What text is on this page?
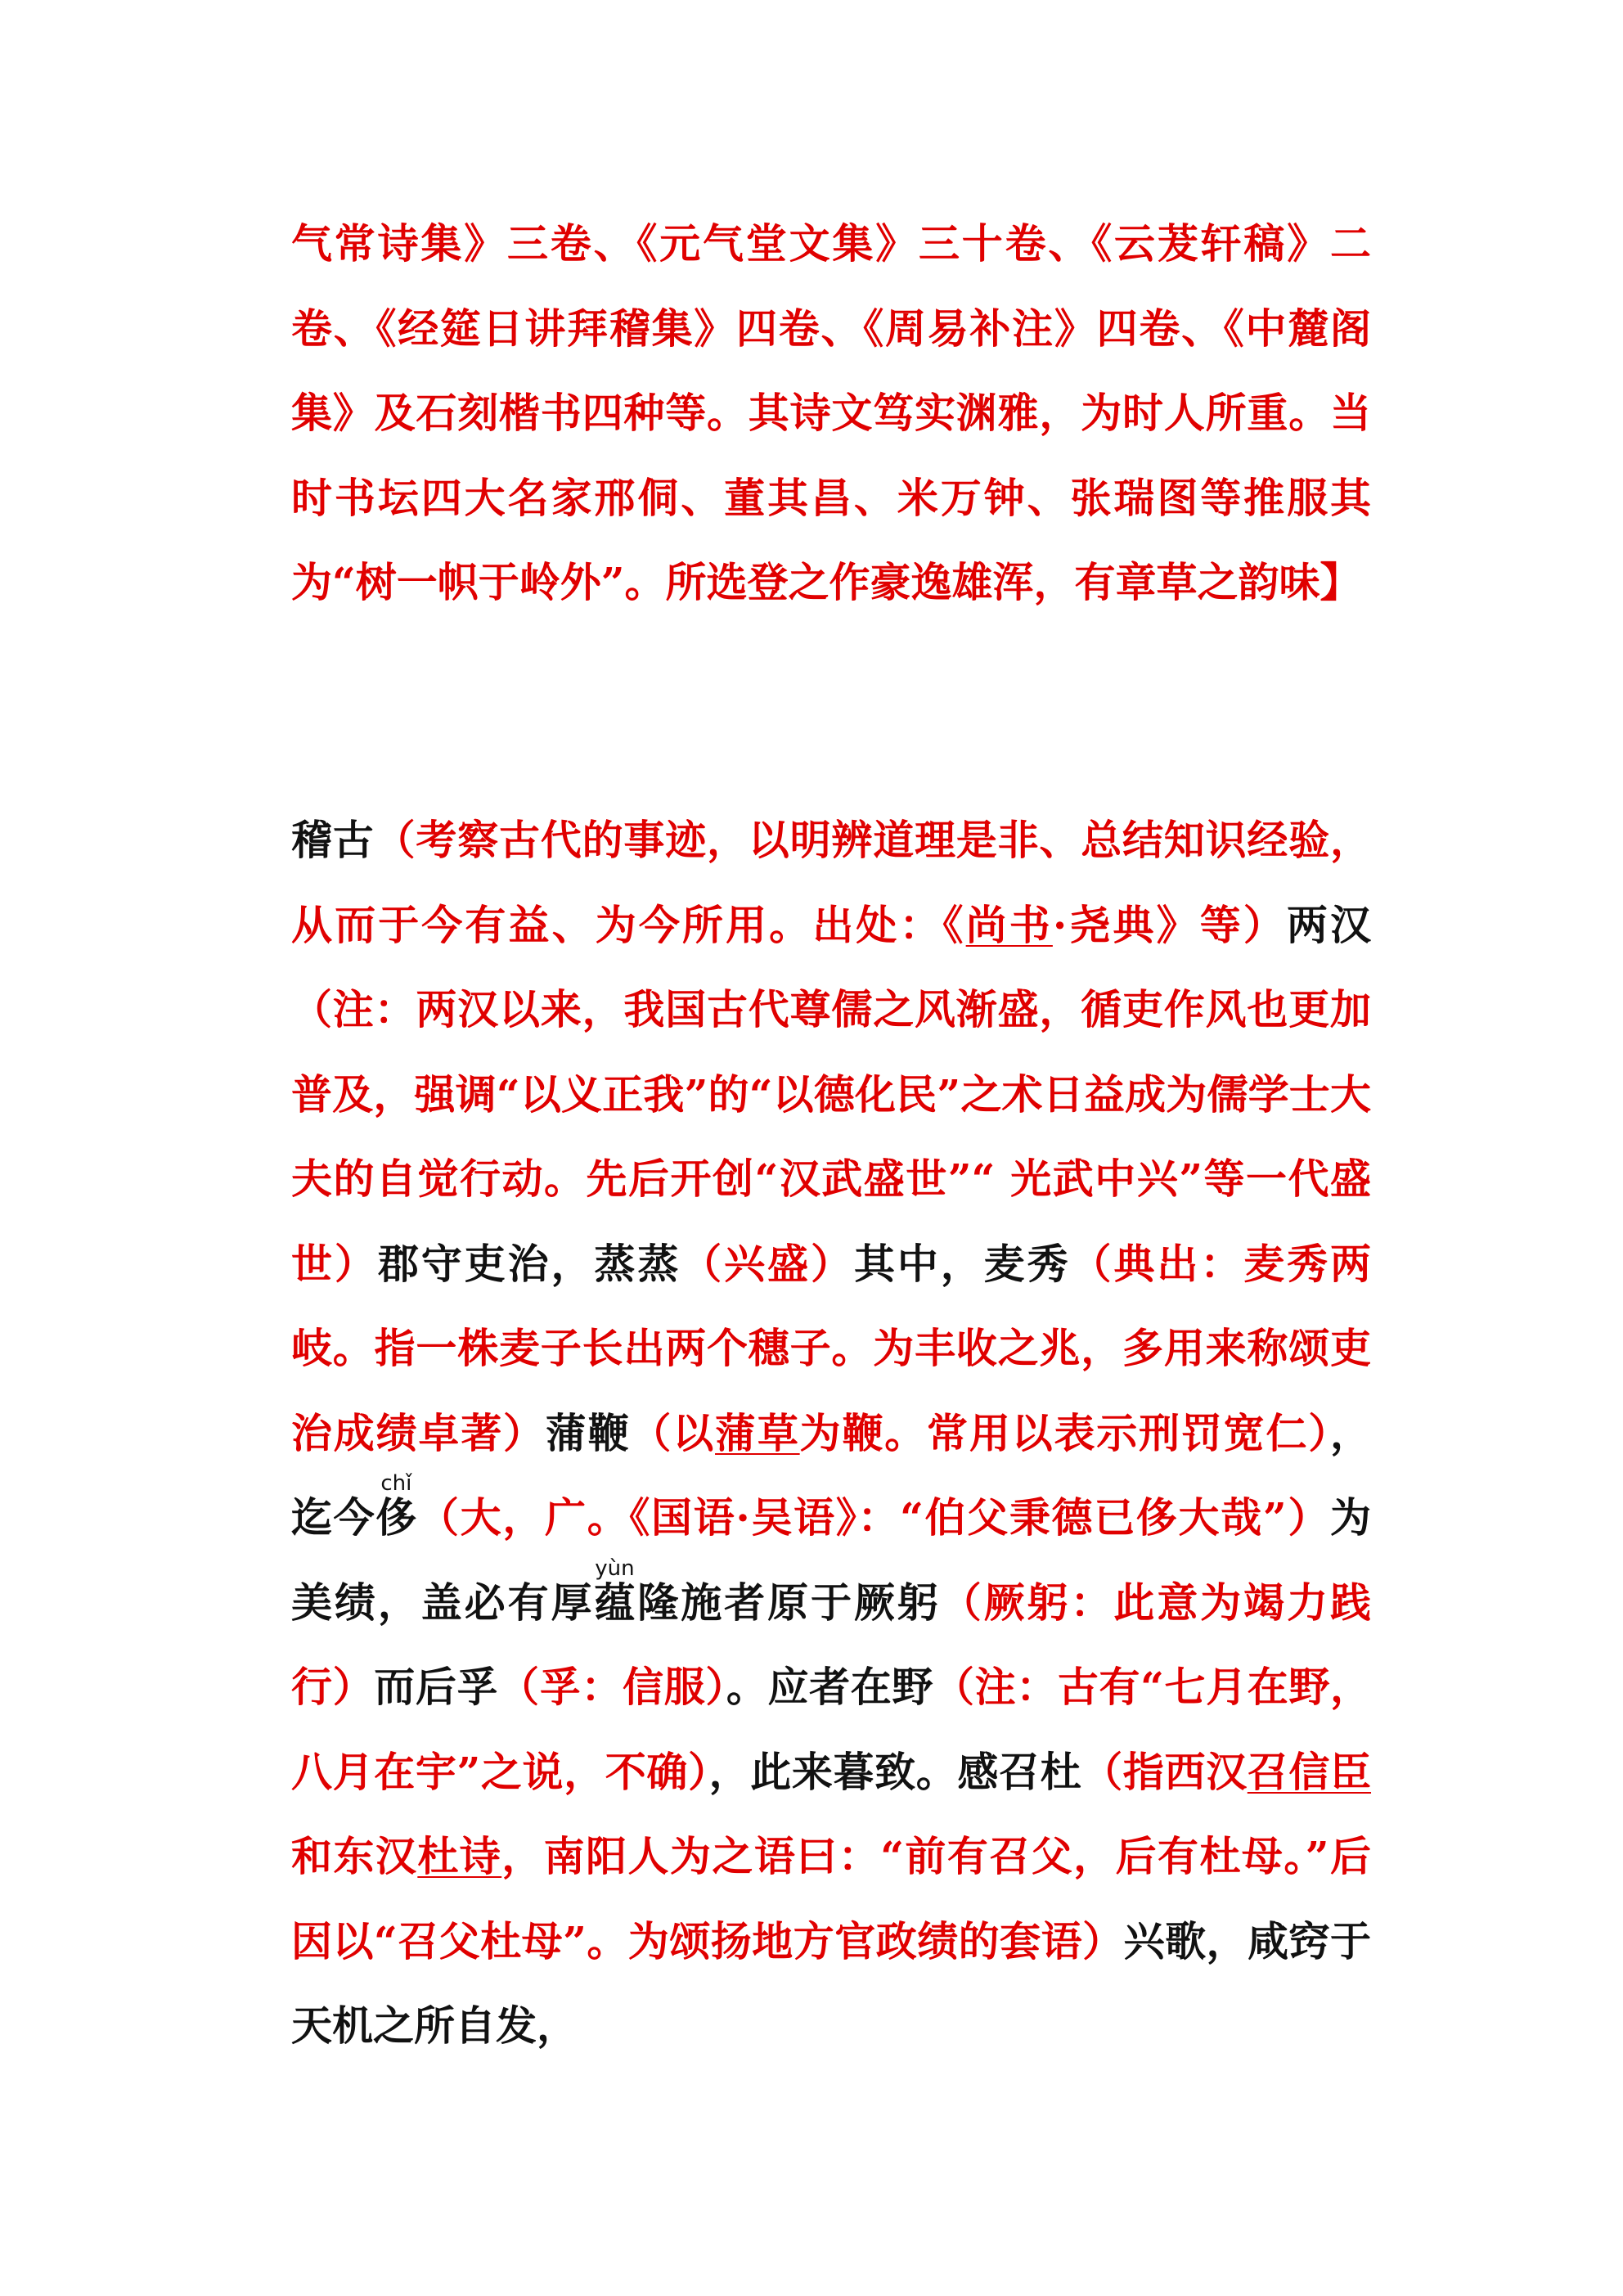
气常诗集》三卷、《元气堂文集》三十卷、《云茇轩稿》二卷、《经筵日讲拜稽集》四卷、《周易补注》四卷、《中麓阁集》及石刻楷书四种等。其诗文笃实渊雅，为时人所重。当时书坛四大名家邢侗、董其昌、米万钟、张瑞图等推服其为“树一帜于岭外”。所选登之作豪逸雄浑，有章草之韵味】

稽古（考察古代的事迹，以明辨道理是非、总结知识经验，从而于今有益、为今所用。出处：《尚书·尧典》等）两汉（注：两汉以来，我国古代尊儒之风渐盛，循吏作风也更加普及，强调“以义正我”的“以德化民”之术日益成为儒学士大夫的自觉行动。先后开创“汉武盛世”“ 光武中兴”等一代盛世）郡守吏治，蒸蒸（兴盛）其中，麦秀（典出：麦秀两岐。指一株麦子长出两个穗子。为丰收之兆，多用来称颂吏治成绩卓著）蒲鞭（以蒲草为鞭。常用以表示刑罚宽仁），迄今侈chǐ（大，广。《国语·吴语》：“伯父秉德已侈大哉”）为美绩，盖必有厚蕴yùn隆施者原于厥躬（厥躬：此意为竭力践行）而后孚（孚：信服）。应者在野（注：古有“七月在野，八月在宇”之说，不确），此来暮致。感召杜（指西汉召信臣和东汉杜诗，南阳人为之语曰：“前有召父，后有杜母。”后因以“召父杜母”。为颂扬地方官政绩的套语）兴歌，咸窍于天机之所自发，
